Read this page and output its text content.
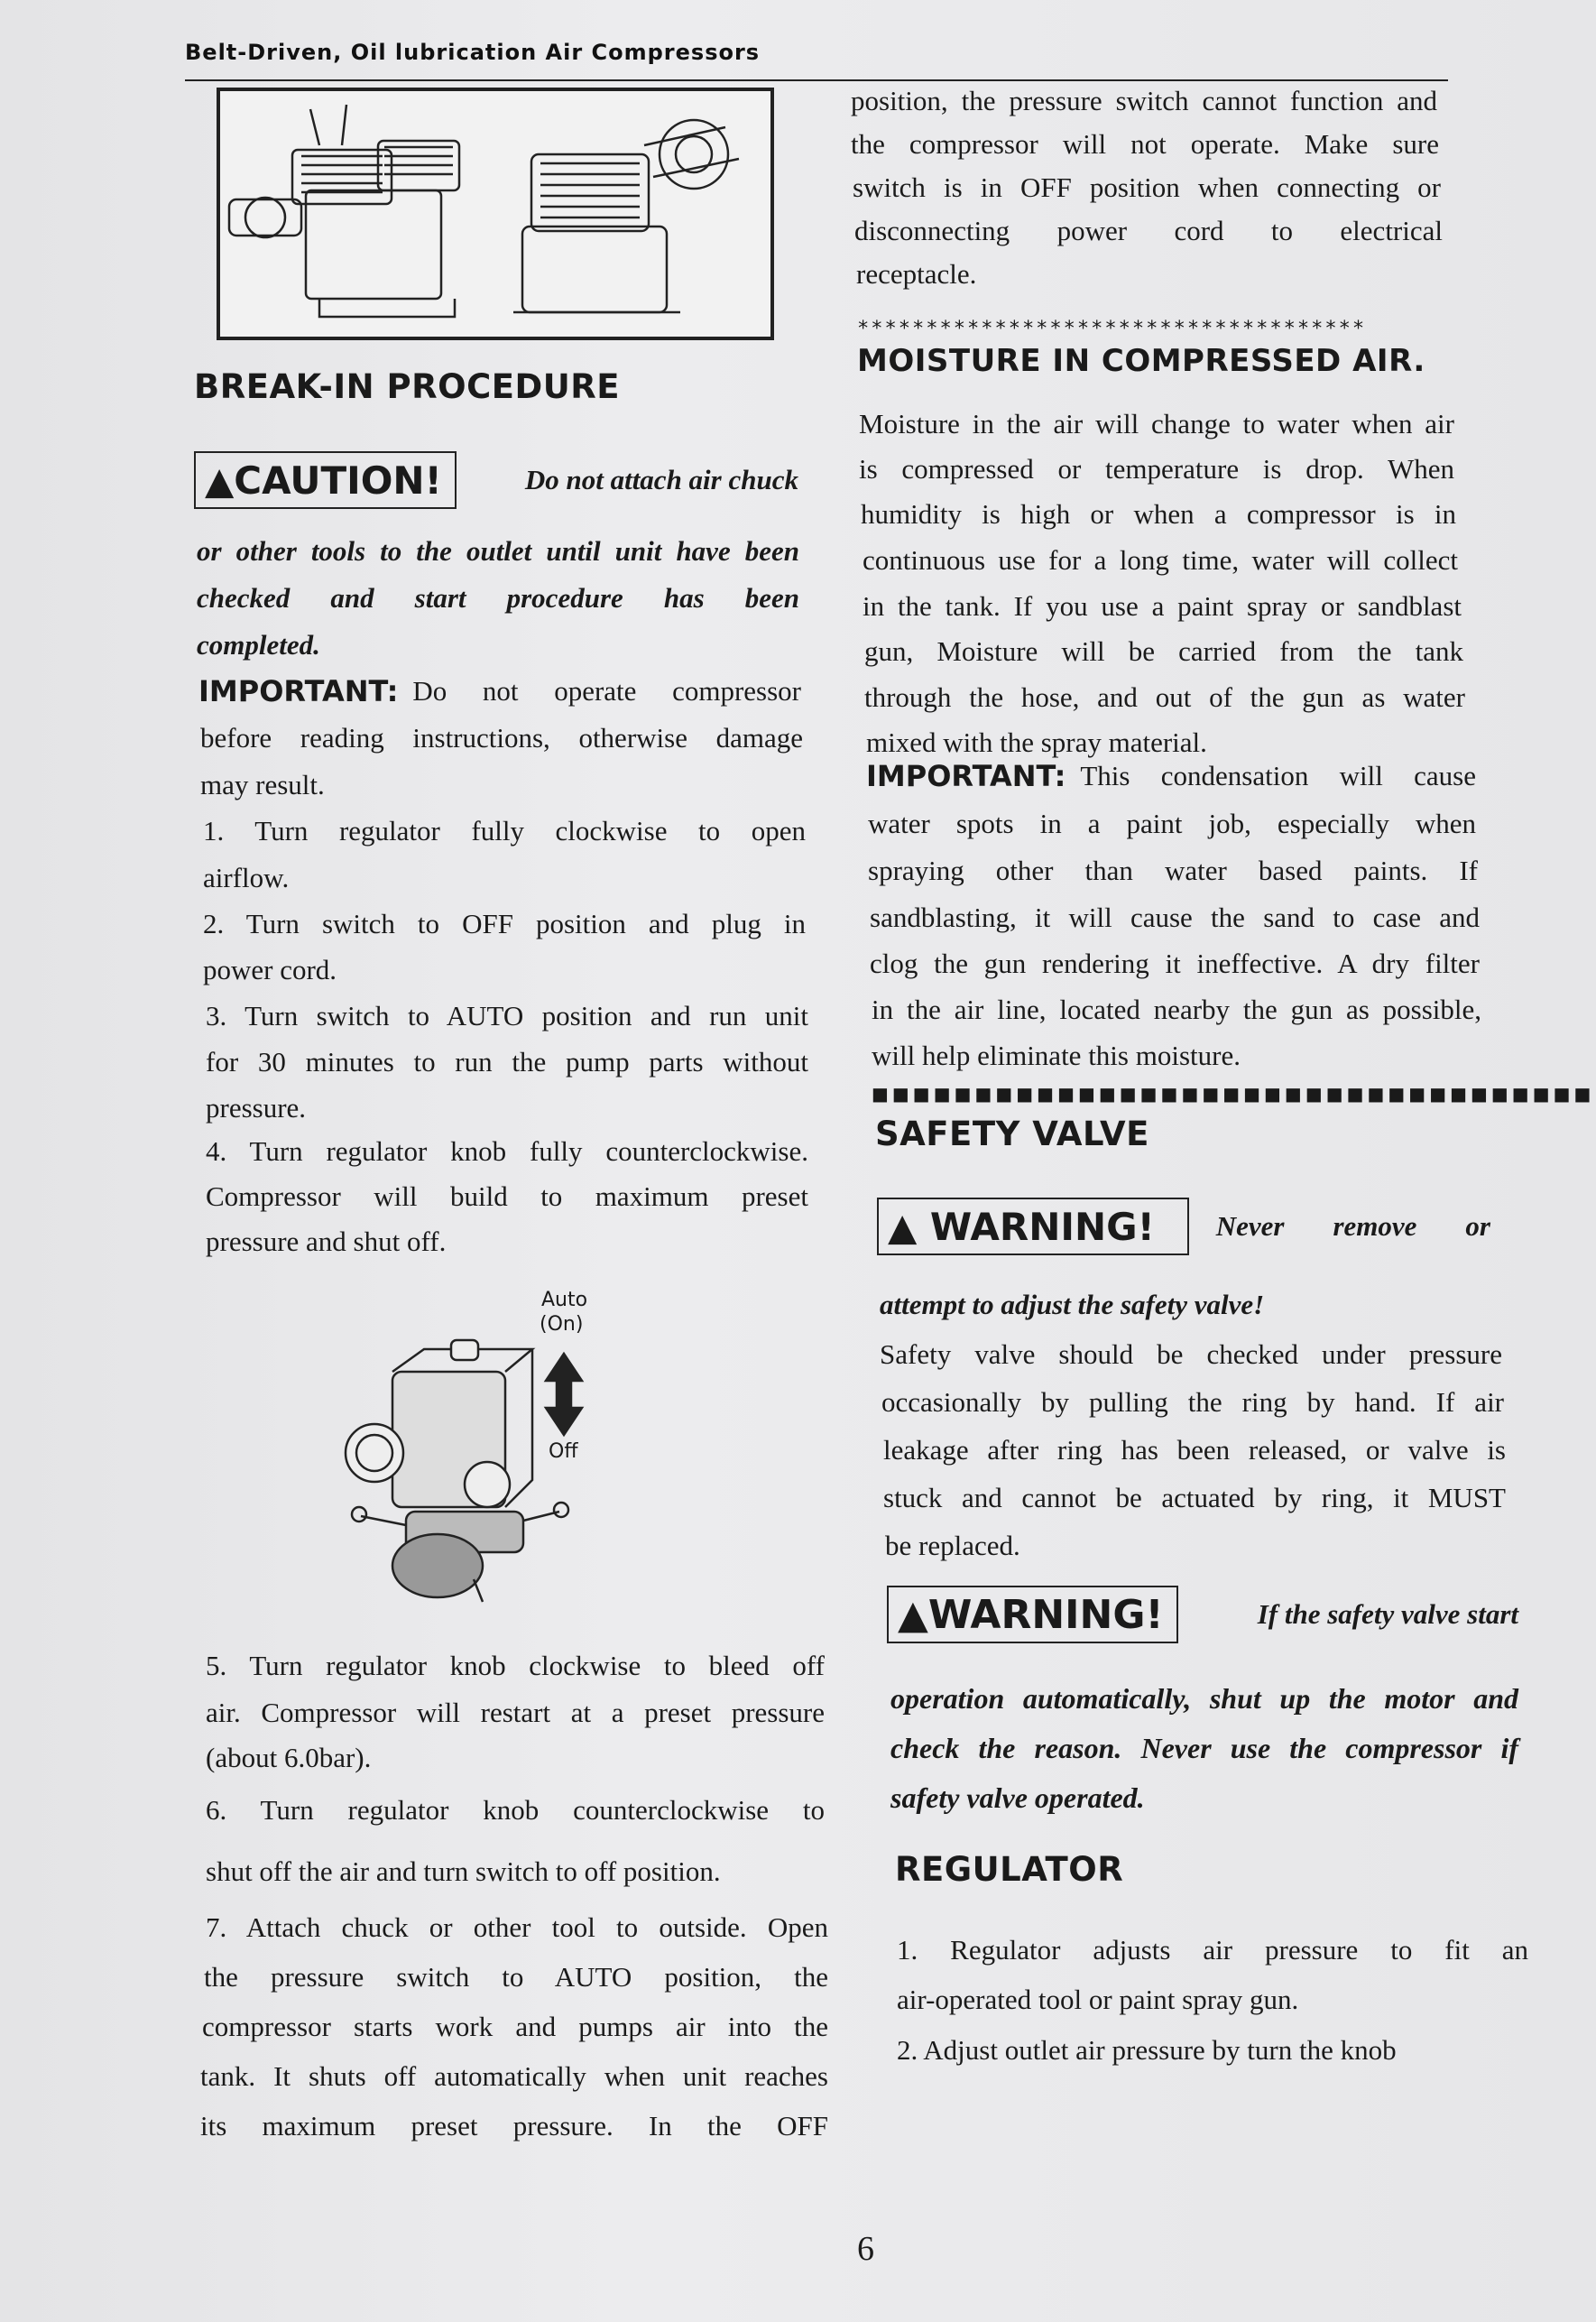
Belt-Driven, Oil lubrication Air Compressors
BREAK-IN PROCEDURE
▲CAUTION!	Do not attach air chuck
or other tools to the outlet until unit have been
checked and start procedure has been
completed.
IMPORTANT: Do not operate compressor
before reading instructions, otherwise damage
may result.
1. Turn regulator fully clockwise to open
airflow.
2. Turn switch to OFF position and plug in
power cord.
3. Turn switch to AUTO position and run unit
for 30 minutes to run the pump parts without
pressure.
4. Turn regulator knob fully counterclockwise.
Compressor will build to maximum preset
pressure and shut off.
Auto
(On)
Off
5. Turn regulator knob clockwise to bleed off
air. Compressor will restart at a preset pressure
(about 6.0bar).
6. Turn regulator knob counterclockwise to
shut off the air and turn switch to off position.
7. Attach chuck or other tool to outside. Open
the pressure switch to AUTO position, the
compressor starts work and pumps air into the
tank. It shuts off automatically when unit reaches
its maximum preset pressure. In the OFF
position, the pressure switch cannot function and
the compressor will not operate. Make sure
switch is in OFF position when connecting or
disconnecting power cord to electrical
receptacle.
*************************************
MOISTURE IN COMPRESSED AIR.
Moisture in the air will change to water when air
is compressed or temperature is drop. When
humidity is high or when a compressor is in
continuous use for a long time, water will collect
in the tank. If you use a paint spray or sandblast
gun, Moisture will be carried from the tank
through the hose, and out of the gun as water
mixed with the spray material.
IMPORTANT: This condensation will cause
water spots in a paint job, especially when
spraying other than water based paints. If
sandblasting, it will cause the sand to case and
clog the gun rendering it ineffective. A dry filter
in the air line, located nearby the gun as possible,
will help eliminate this moisture.
■■■■■■■■■■■■■■■■■■■■■■■■■■■■■■■■■■■
SAFETY VALVE
▲ WARNING!	Never remove or
attempt to adjust the safety valve!
Safety valve should be checked under pressure
occasionally by pulling the ring by hand. If air
leakage after ring has been released, or valve is
stuck and cannot be actuated by ring, it MUST
be replaced.
▲WARNING!	If the safety valve start
operation automatically, shut up the motor and
check the reason. Never use the compressor if
safety valve operated.
REGULATOR
1. Regulator adjusts air pressure to fit an
air-operated tool or paint spray gun.
2. Adjust outlet air pressure by turn the knob
6
